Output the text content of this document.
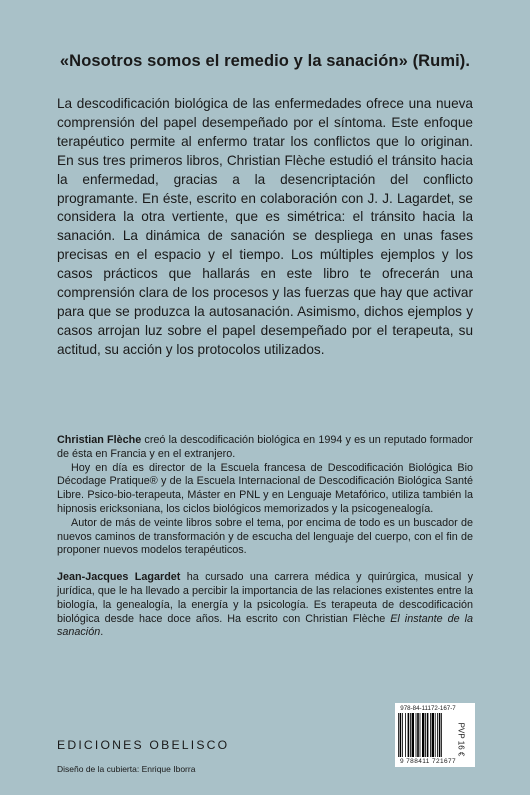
«Nosotros somos el remedio y la sanación» (Rumi).

La descodificación biológica de las enfermedades ofrece una nueva comprensión del papel desempeñado por el síntoma. Este enfoque terapéutico permite al enfermo tratar los conflictos que lo originan. En sus tres primeros libros, Christian Flèche estudió el tránsito hacia la enfermedad, gracias a la desencriptación del conflicto programante. En éste, escrito en colaboración con J. J. Lagardet, se considera la otra vertiente, que es simétrica: el tránsito hacia la sanación. La dinámica de sanación se despliega en unas fases precisas en el espacio y el tiempo. Los múltiples ejemplos y los casos prácticos que hallarás en este libro te ofrecerán una comprensión clara de los procesos y las fuerzas que hay que activar para que se produzca la autosanación. Asimismo, dichos ejemplos y casos arrojan luz sobre el papel desempeñado por el terapeuta, su actitud, su acción y los protocolos utilizados.

Christian Flèche creó la descodificación biológica en 1994 y es un reputado formador de ésta en Francia y en el extranjero.

Hoy en día es director de la Escuela francesa de Descodificación Biológica Bio Décodage Pratique® y de la Escuela Internacional de Descodificación Biológica Santé Libre. Psico-bio-terapeuta, Máster en PNL y en Lenguaje Metafórico, utiliza también la hipnosis ericksoniana, los ciclos biológicos memorizados y la psicogenealogía.

Autor de más de veinte libros sobre el tema, por encima de todo es un buscador de nuevos caminos de transformación y de escucha del lenguaje del cuerpo, con el fin de proponer nuevos modelos terapéuticos.

Jean-Jacques Lagardet ha cursado una carrera médica y quirúrgica, musical y jurídica, que le ha llevado a percibir la importancia de las relaciones existentes entre la biología, la genealogía, la energía y la psicología. Es terapeuta de descodificación biológica desde hace doce años. Ha escrito con Christian Flèche El instante de la sanación.

EDICIONES OBELISCO
Diseño de la cubierta: Enrique Iborra
978-84-11172-167-7
9 788411 721677
PVP 16 €
